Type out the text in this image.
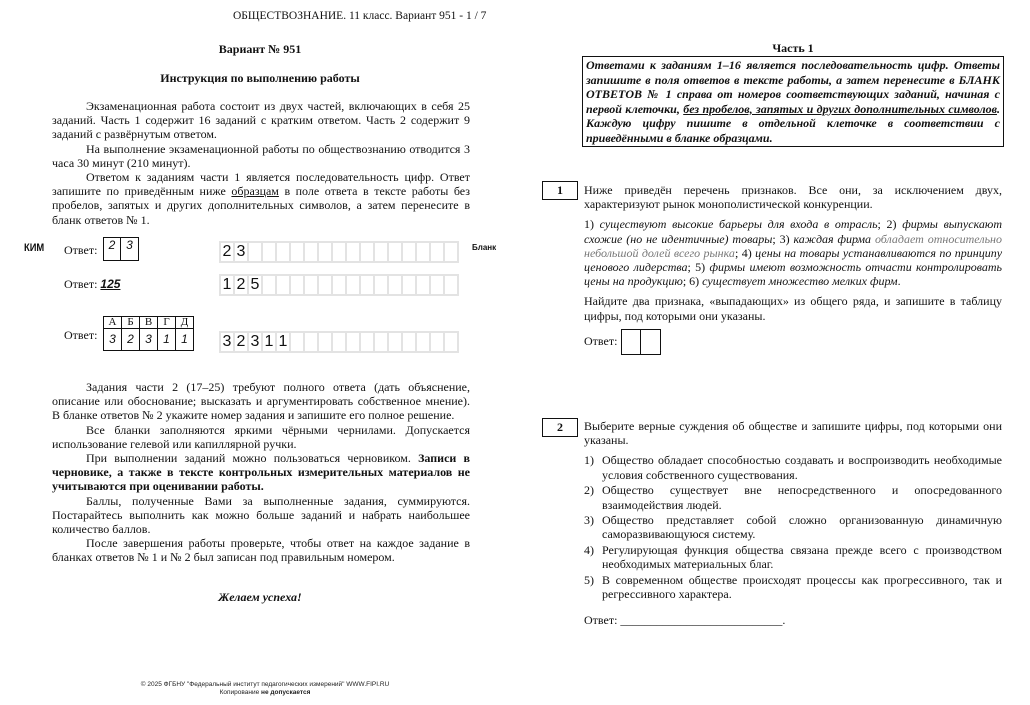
ОБЩЕСТВОЗНАНИЕ. 11 класс. Вариант 951 - 1 / 7
Вариант № 951
Инструкция по выполнению работы

Экзаменационная работа состоит из двух частей, включающих в себя 25 заданий. Часть 1 содержит 16 заданий с кратким ответом. Часть 2 содержит 9 заданий с развёрнутым ответом.

На выполнение экзаменационной работы по обществознанию отводится 3 часа 30 минут (210 минут).

Ответом к заданиям части 1 является последовательность цифр. Ответ запишите по приведённым ниже образцам в поле ответа в тексте работы без пробелов, запятых и других дополнительных символов, а затем перенесите в бланк ответов № 1.

КИМ	Бланк
Ответ: 2 3	2 3
Ответ: 125	1 2 5
Ответ:
А	Б	В	Г	Д
3	2	3	1	1 3 2 3 1 1

Задания части 2 (17–25) требуют полного ответа (дать объяснение, описание или обоснование; высказать и аргументировать собственное мнение). В бланке ответов № 2 укажите номер задания и запишите его полное решение.

Все бланки заполняются яркими чёрными чернилами. Допускается использование гелевой или капиллярной ручки.

При выполнении заданий можно пользоваться черновиком. Записи в черновике, а также в тексте контрольных измерительных материалов не учитываются при оценивании работы.

Баллы, полученные Вами за выполненные задания, суммируются. Постарайтесь выполнить как можно больше заданий и набрать наибольшее количество баллов.

После завершения работы проверьте, чтобы ответ на каждое задание в бланках ответов № 1 и № 2 был записан под правильным номером.

Желаем успеха!
© 2025 ФГБНУ "Федеральный институт педагогических измерений" WWW.FIPI.RU
Копирование не допускается
Часть 1
Ответами к заданиям 1–16 является последовательность цифр. Ответы запишите в поля ответов в тексте работы, а затем перенесите в БЛАНК ОТВЕТОВ № 1 справа от номеров соответствующих заданий, начиная с первой клеточки, без пробелов, запятых и других дополнительных символов. Каждую цифру пишите в отдельной клеточке в соответствии с приведёнными в бланке образцами.
1	Ниже приведён перечень признаков. Все они, за исключением двух, характеризуют рынок монополистической конкуренции.

1) существуют высокие барьеры для входа в отрасль; 2) фирмы выпускают схожие (но не идентичные) товары; 3) каждая фирма обладает относительно небольшой долей всего рынка; 4) цены на товары устанавливаются по принципу ценового лидерства; 5) фирмы имеют возможность отчасти контролировать цены на продукцию; 6) существует множество мелких фирм.

Найдите два признака, «выпадающих» из общего ряда, и запишите в таблицу цифры, под которыми они указаны.

Ответ:
2	Выберите верные суждения об обществе и запишите цифры, под которыми они указаны.

1) Общество обладает способностью создавать и воспроизводить необходимые условия собственного существования.
2) Общество существует вне непосредственного и опосредованного взаимодействия людей.
3) Общество представляет собой сложно организованную динамичную саморазвивающуюся систему.
4) Регулирующая функция общества связана прежде всего с производством необходимых материальных благ.
5) В современном обществе происходят процессы как прогрессивного, так и регрессивного характера.
Ответ: ___________________________.
